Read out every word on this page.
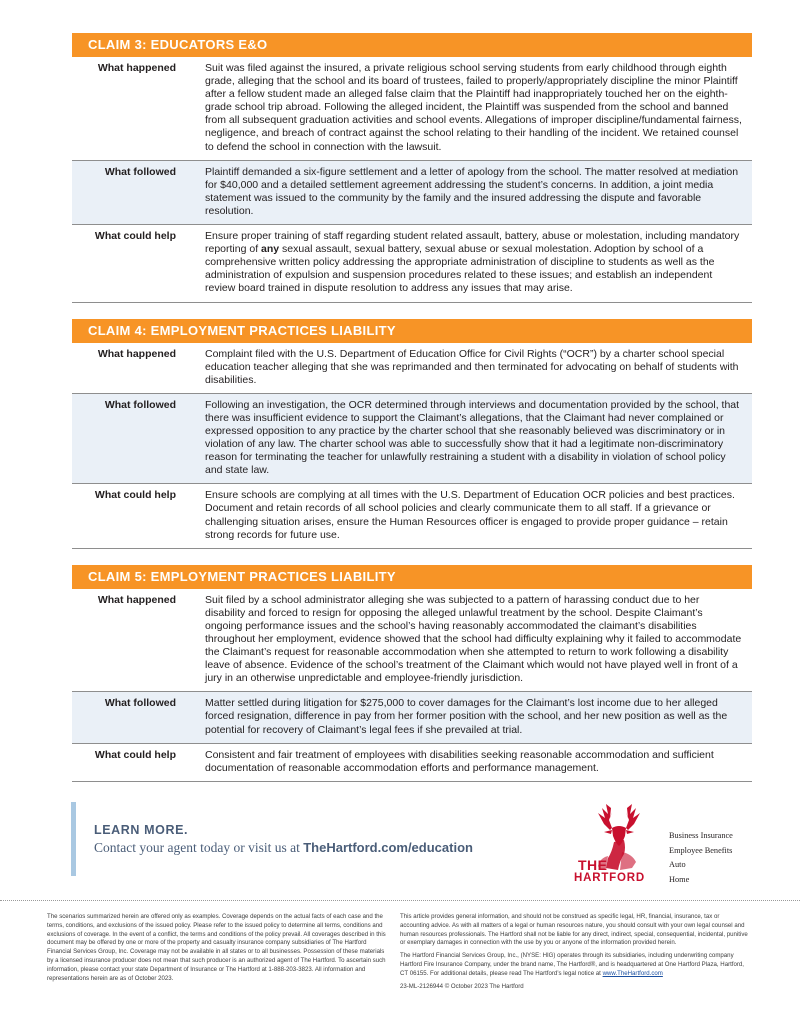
CLAIM 3: EDUCATORS E&O
What happened	Suit was filed against the insured, a private religious school serving students from early childhood through eighth grade, alleging that the school and its board of trustees, failed to properly/appropriately discipline the minor Plaintiff after a fellow student made an alleged false claim that the Plaintiff had inappropriately touched her on the eighth-grade school trip abroad. Following the alleged incident, the Plaintiff was suspended from the school and banned from all subsequent graduation activities and school events. Allegations of improper discipline/fundamental fairness, negligence, and breach of contract against the school relating to their handling of the incident. We retained counsel to defend the school in connection with the lawsuit.
What followed	Plaintiff demanded a six-figure settlement and a letter of apology from the school. The matter resolved at mediation for $40,000 and a detailed settlement agreement addressing the student’s concerns. In addition, a joint media statement was issued to the community by the family and the insured addressing the dispute and favorable resolution.
What could help	Ensure proper training of staff regarding student related assault, battery, abuse or molestation, including mandatory reporting of any sexual assault, sexual battery, sexual abuse or sexual molestation. Adoption by school of a comprehensive written policy addressing the appropriate administration of discipline to students as well as the administration of expulsion and suspension procedures related to these issues; and establish an independent review board trained in dispute resolution to address any issues that may arise.
CLAIM 4: EMPLOYMENT PRACTICES LIABILITY
What happened	Complaint filed with the U.S. Department of Education Office for Civil Rights (“OCR”) by a charter school special education teacher alleging that she was reprimanded and then terminated for advocating on behalf of students with disabilities.
What followed	Following an investigation, the OCR determined through interviews and documentation provided by the school, that there was insufficient evidence to support the Claimant’s allegations, that the Claimant had never complained or expressed opposition to any practice by the charter school that she reasonably believed was discriminatory or in violation of any law. The charter school was able to successfully show that it had a legitimate non-discriminatory reason for terminating the teacher for unlawfully restraining a student with a disability in violation of school policy and state law.
What could help	Ensure schools are complying at all times with the U.S. Department of Education OCR policies and best practices. Document and retain records of all school policies and clearly communicate them to all staff. If a grievance or challenging situation arises, ensure the Human Resources officer is engaged to provide proper guidance – retain strong records for future use.
CLAIM 5: EMPLOYMENT PRACTICES LIABILITY
What happened	Suit filed by a school administrator alleging she was subjected to a pattern of harassing conduct due to her disability and forced to resign for opposing the alleged unlawful treatment by the school. Despite Claimant’s ongoing performance issues and the school’s having reasonably accommodated the claimant’s disabilities throughout her employment, evidence showed that the school had difficulty explaining why it failed to accommodate the Claimant’s request for reasonable accommodation when she attempted to return to work following a disability leave of absence. Evidence of the school’s treatment of the Claimant which would not have played well in front of a jury in an otherwise unpredictable and employee-friendly jurisdiction.
What followed	Matter settled during litigation for $275,000 to cover damages for the Claimant’s lost income due to her alleged forced resignation, difference in pay from her former position with the school, and her new position as well as the potential for recovery of Claimant’s legal fees if she prevailed at trial.
What could help	Consistent and fair treatment of employees with disabilities seeking reasonable accommodation and sufficient documentation of reasonable accommodation efforts and performance management.
LEARN MORE.
Contact your agent today or visit us at TheHartford.com/education
THE
HARTFORD
Business Insurance
Employee Benefits
Auto
Home

The scenarios summarized herein are offered only as examples. Coverage depends on the actual facts of each case and the terms, conditions, and exclusions of the issued policy. Please refer to the issued policy to determine all terms, conditions and exclusions of coverage. In the event of a conflict, the terms and conditions of the policy prevail. All coverages described in this document may be offered by one or more of the property and casualty insurance company subsidiaries of The Hartford Financial Services Group, Inc. Coverage may not be available in all states or to all businesses. Possession of these materials by a licensed insurance producer does not mean that such producer is an authorized agent of The Hartford. To ascertain such information, please contact your state Department of Insurance or The Hartford at 1-888-203-3823. All information and representations herein are as of October 2023.

This article provides general information, and should not be construed as specific legal, HR, financial, insurance, tax or accounting advice. As with all matters of a legal or human resources nature, you should consult with your own legal counsel and human resources professionals. The Hartford shall not be liable for any direct, indirect, special, consequential, incidental, punitive or exemplary damages in connection with the use by you or anyone of the information provided herein.

The Hartford Financial Services Group, Inc., (NYSE: HIG) operates through its subsidiaries, including underwriting company Hartford Fire Insurance Company, under the brand name, The Hartford®, and is headquartered at One Hartford Plaza, Hartford, CT 06155. For additional details, please read The Hartford’s legal notice at www.TheHartford.com

23-ML-2126944 © October 2023 The Hartford
